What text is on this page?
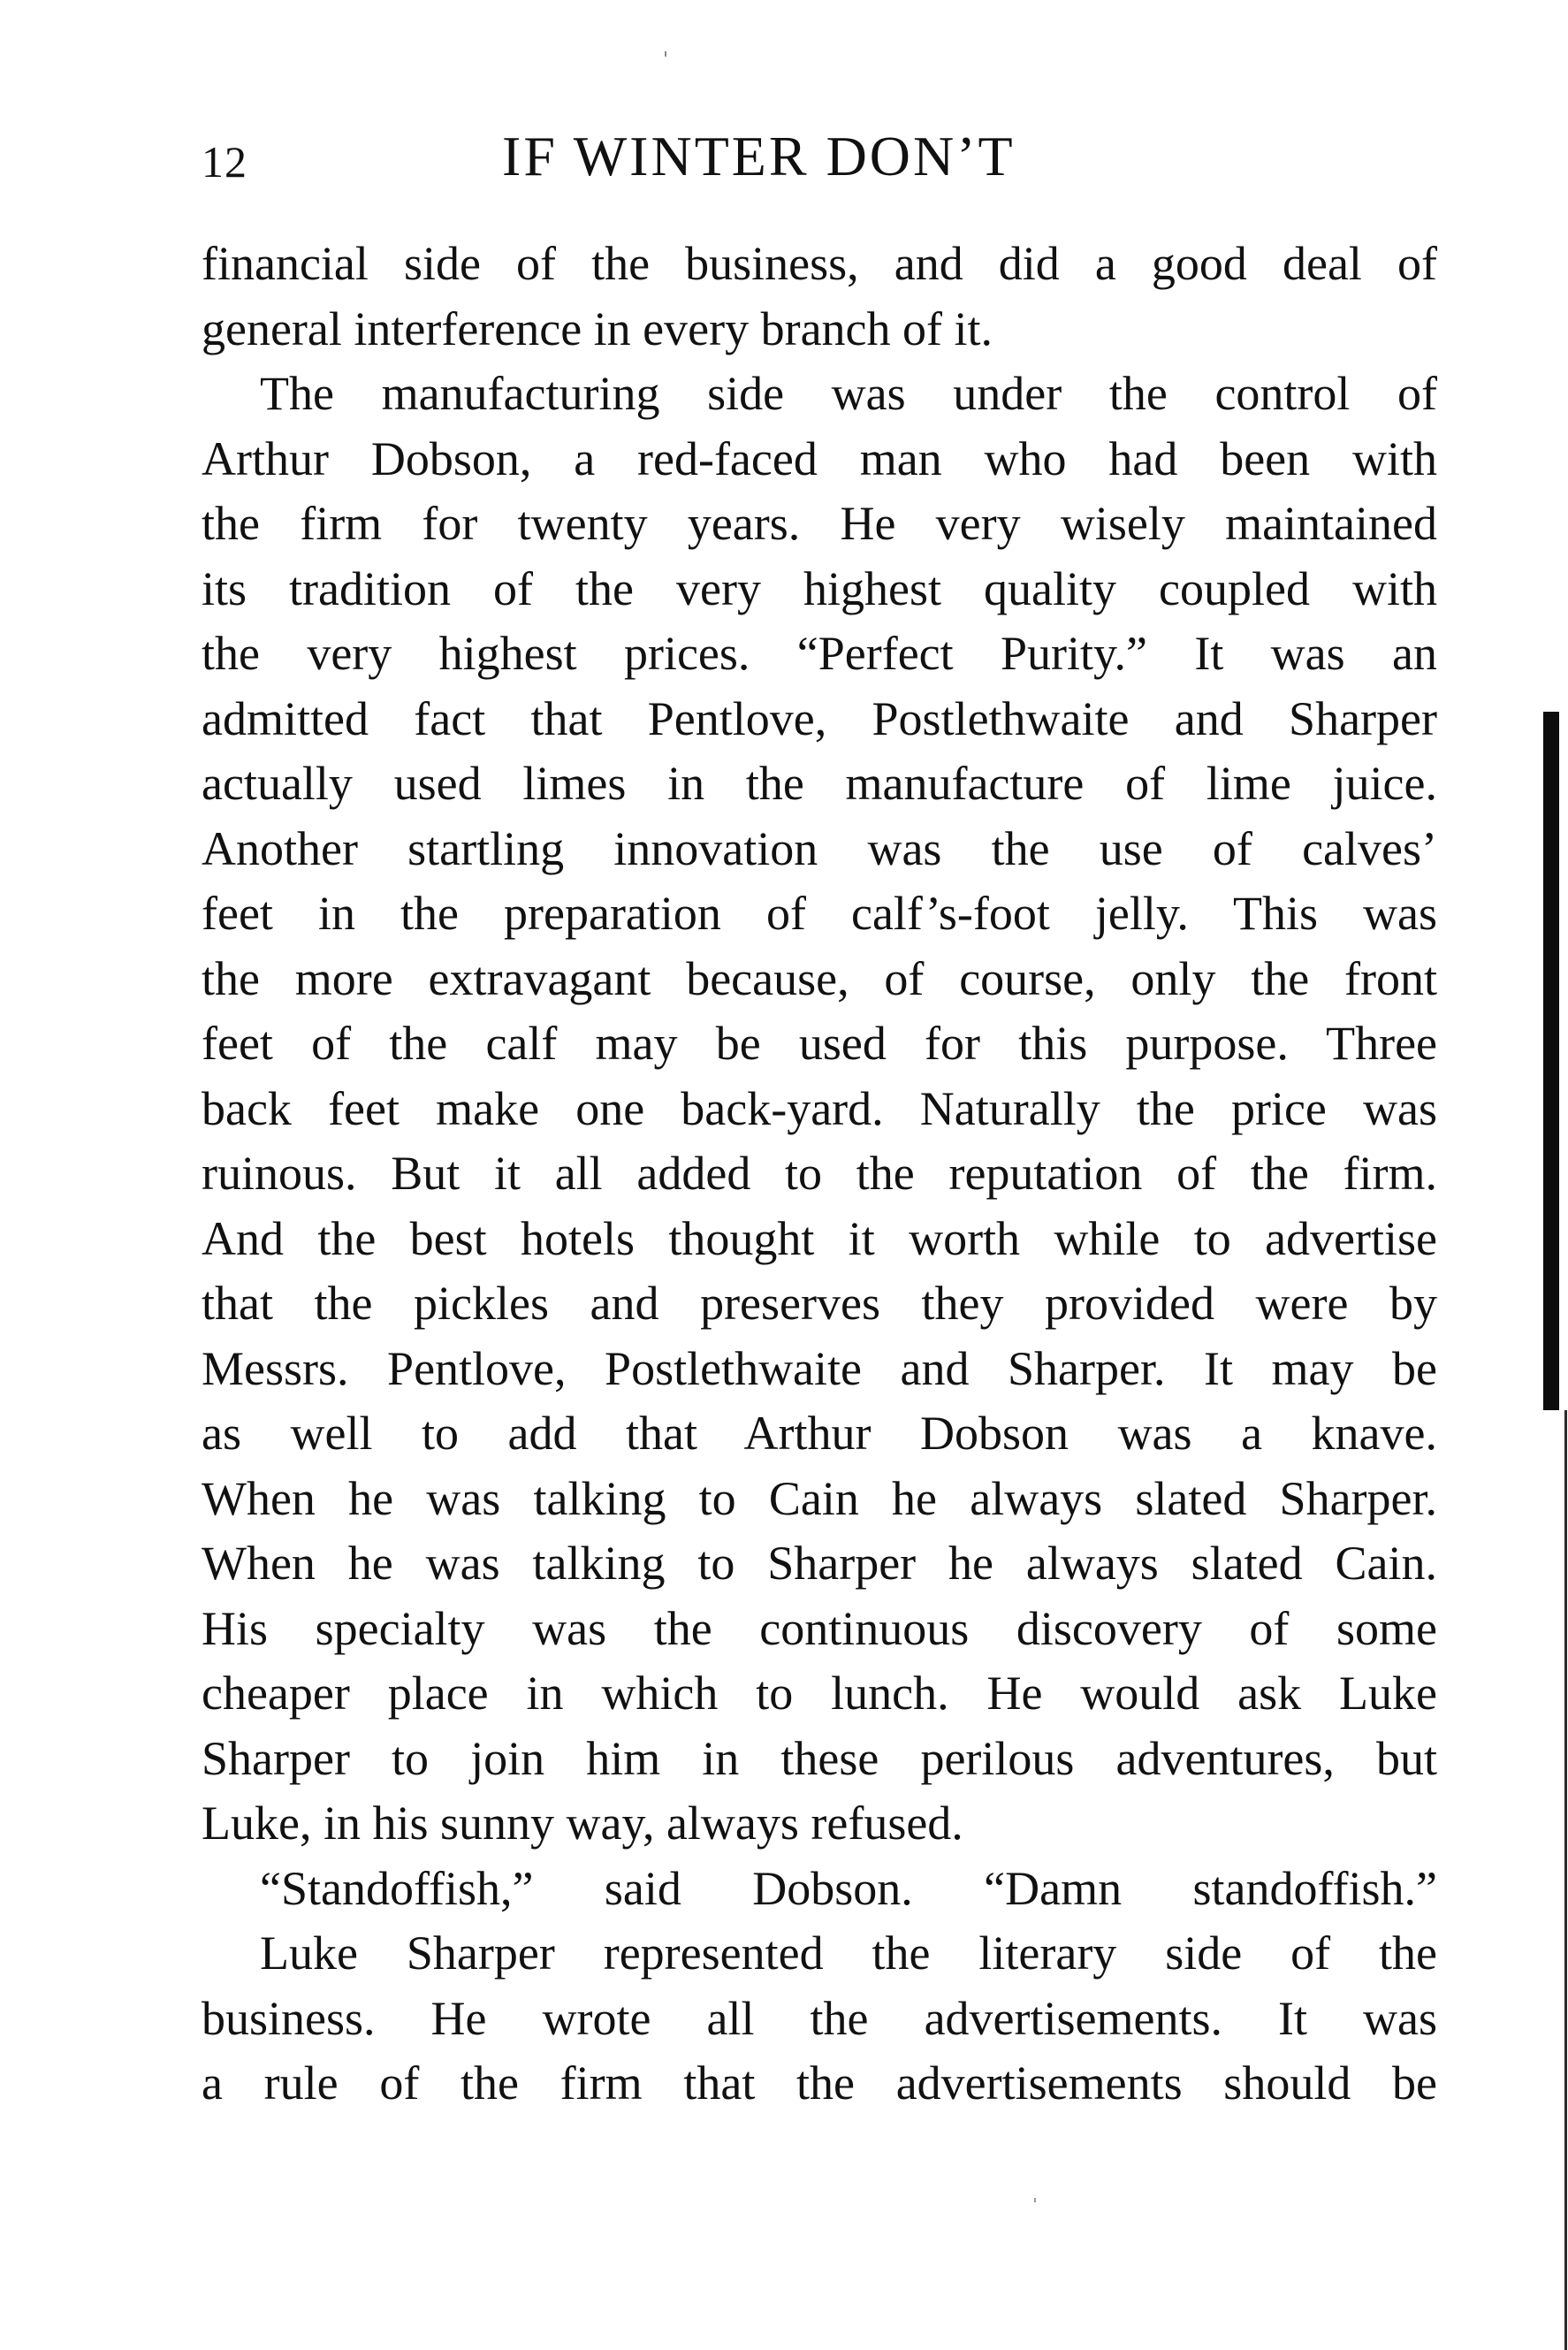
12	IF WINTER DON’T
financial side of the business, and did a good deal of
general interference in every branch of it.
The manufacturing side was under the control of
Arthur Dobson, a red-faced man who had been with
the firm for twenty years. He very wisely maintained
its tradition of the very highest quality coupled with
the very highest prices. “Perfect Purity.” It was an
admitted fact that Pentlove, Postlethwaite and Sharper
actually used limes in the manufacture of lime juice.
Another startling innovation was the use of calves’
feet in the preparation of calf’s-foot jelly. This was
the more extravagant because, of course, only the front
feet of the calf may be used for this purpose. Three
back feet make one back-yard. Naturally the price was
ruinous. But it all added to the reputation of the firm.
And the best hotels thought it worth while to advertise
that the pickles and preserves they provided were by
Messrs. Pentlove, Postlethwaite and Sharper. It may be
as well to add that Arthur Dobson was a knave.
When he was talking to Cain he always slated Sharper.
When he was talking to Sharper he always slated Cain.
His specialty was the continuous discovery of some
cheaper place in which to lunch. He would ask Luke
Sharper to join him in these perilous adventures, but
Luke, in his sunny way, always refused.
“Standoffish,” said Dobson. “Damn standoffish.”
Luke Sharper represented the literary side of the
business. He wrote all the advertisements. It was
a rule of the firm that the advertisements should be
